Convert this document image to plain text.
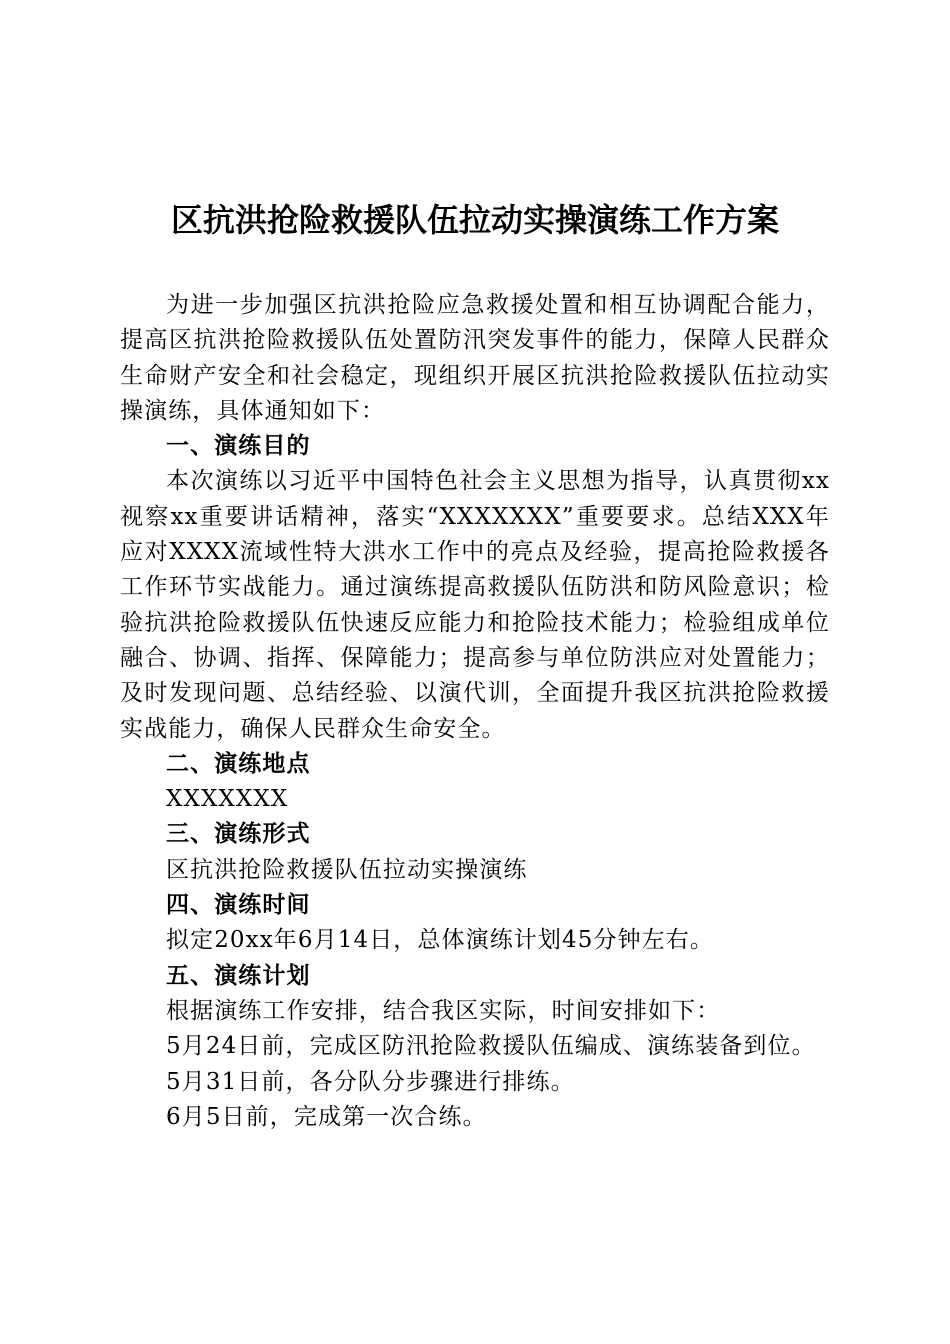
区抗洪抢险救援队伍拉动实操演练工作方案

为进一步加强区抗洪抢险应急救援处置和相互协调配合能力，提高区抗洪抢险救援队伍处置防汛突发事件的能力，保障人民群众生命财产安全和社会稳定，现组织开展区抗洪抢险救援队伍拉动实操演练，具体通知如下：

一、演练目的

本次演练以习近平中国特色社会主义思想为指导，认真贯彻xx视察xx重要讲话精神，落实“XXXXXXX”重要要求。总结XXX年应对XXXX流域性特大洪水工作中的亮点及经验，提高抢险救援各工作环节实战能力。通过演练提高救援队伍防洪和防风险意识；检验抗洪抢险救援队伍快速反应能力和抢险技术能力；检验组成单位融合、协调、指挥、保障能力；提高参与单位防洪应对处置能力；及时发现问题、总结经验、以演代训，全面提升我区抗洪抢险救援实战能力，确保人民群众生命安全。

二、演练地点

XXXXXXX

三、演练形式

区抗洪抢险救援队伍拉动实操演练

四、演练时间

拟定20xx年6月14日，总体演练计划45分钟左右。

五、演练计划

根据演练工作安排，结合我区实际，时间安排如下：

5月24日前，完成区防汛抢险救援队伍编成、演练装备到位。

5月31日前，各分队分步骤进行排练。

6月5日前，完成第一次合练。
